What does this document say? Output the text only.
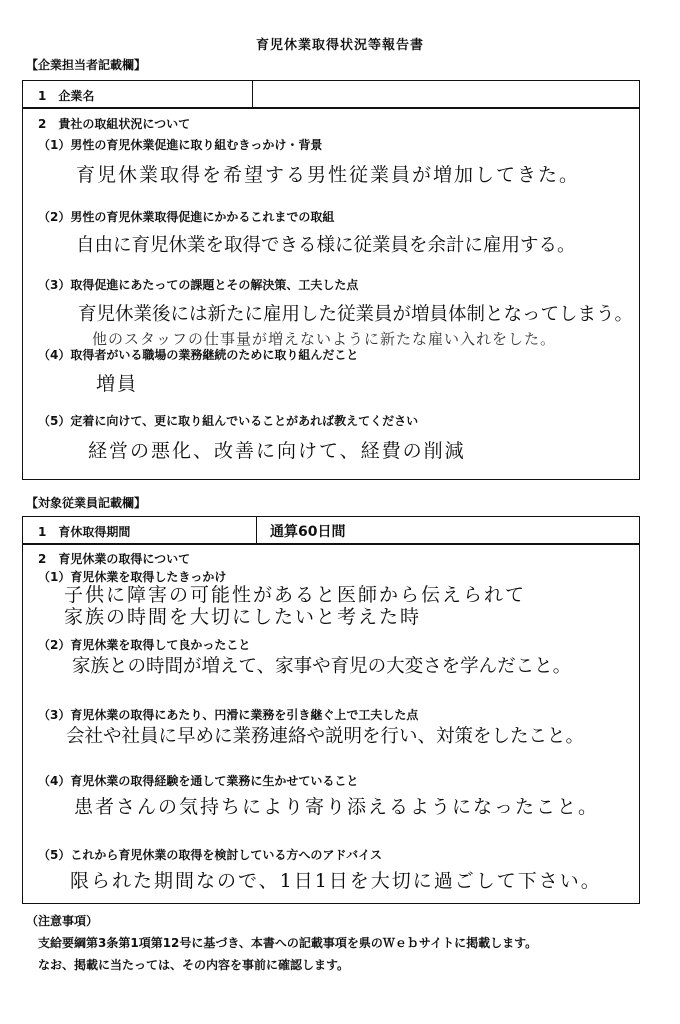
育児休業取得状況等報告書
【企業担当者記載欄】
1　企業名
2　貴社の取組状況について
（1）男性の育児休業促進に取り組むきっかけ・背景
育児休業取得を希望する男性従業員が増加してきた。
（2）男性の育児休業取得促進にかかるこれまでの取組
自由に育児休業を取得できる様に従業員を余計に雇用する。
（3）取得促進にあたっての課題とその解決策、工夫した点
育児休業後には新たに雇用した従業員が増員体制となってしまう。
（4）取得者がいる職場の業務継続のために取り組んだこと
他のスタッフの仕事量が増えないように新たな雇い入れをした。
増員
（5）定着に向けて、更に取り組んでいることがあれば教えてください
経営の悪化、改善に向けて、経費の削減
【対象従業員記載欄】
1　育休取得期間	通算60日間
2　育児休業の取得について
（1）育児休業を取得したきっかけ
子供に障害の可能性があると医師から伝えられて
家族の時間を大切にしたいと考えた時
（2）育児休業を取得して良かったこと
家族との時間が増えて、家事や育児の大変さを学んだこと。
（3）育児休業の取得にあたり、円滑に業務を引き継ぐ上で工夫した点
会社や社員に早めに業務連絡や説明を行い、対策をしたこと。
（4）育児休業の取得経験を通して業務に生かせていること
患者さんの気持ちにより寄り添えるようになったこと。
（5）これから育児休業の取得を検討している方へのアドバイス
限られた期間なので、1日1日を大切に過ごして下さい。
（注意事項）
支給要綱第3条第1項第12号に基づき、本書への記載事項を県のＷｅｂサイトに掲載します。
なお、掲載に当たっては、その内容を事前に確認します。
